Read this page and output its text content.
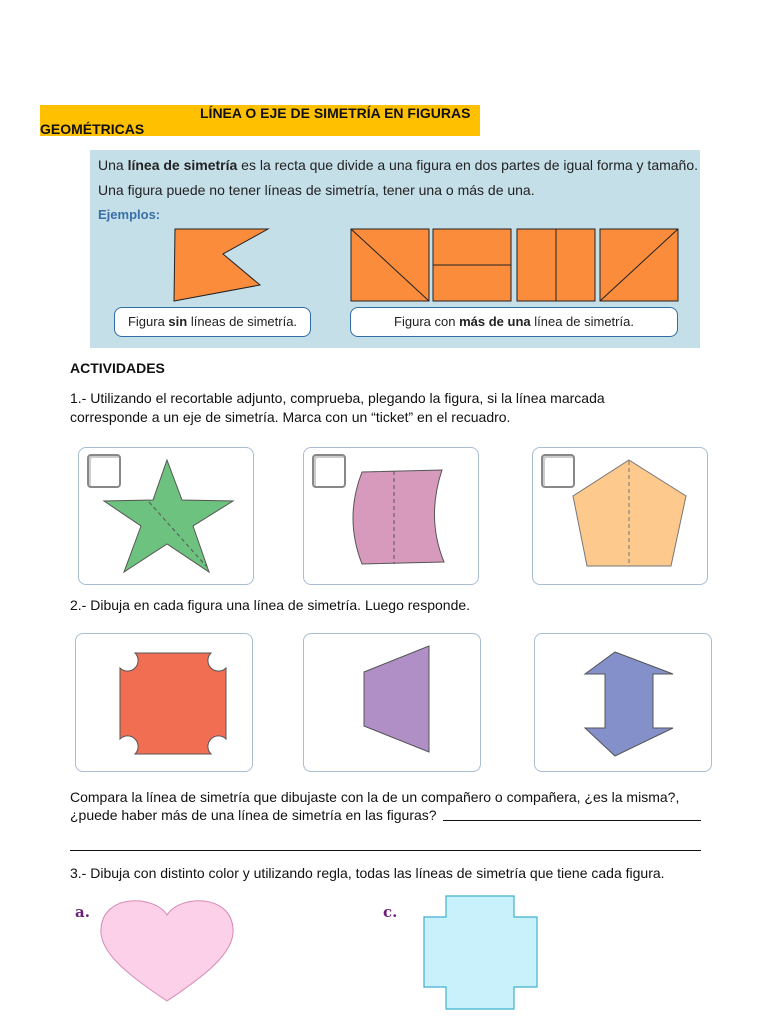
LÍNEA O EJE DE SIMETRÍA EN FIGURAS
GEOMÉTRICAS
Una línea de simetría es la recta que divide a una figura en dos partes de igual forma y tamaño.
Una figura puede no tener líneas de simetría, tener una o más de una.
Ejemplos:
Figura sin líneas de simetría.	Figura con más de una línea de simetría.
ACTIVIDADES
1.- Utilizando el recortable adjunto, comprueba, plegando la figura, si la línea marcada
corresponde a un eje de simetría. Marca con un “ticket” en el recuadro.
2.- Dibuja en cada figura una línea de simetría. Luego responde.
Compara la línea de simetría que dibujaste con la de un compañero o compañera, ¿es la misma?,
¿puede haber más de una línea de simetría en las figuras?
3.- Dibuja con distinto color y utilizando regla, todas las líneas de simetría que tiene cada figura.
a.	c.
